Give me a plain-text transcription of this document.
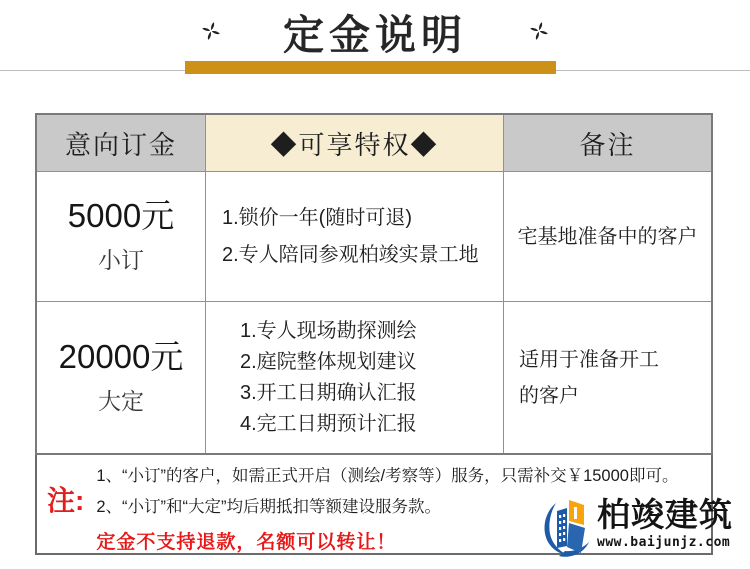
定金说明
意向订金	◆可享特权◆	备注
5000元
小订
1.锁价一年(随时可退)
2.专人陪同参观柏竣实景工地
宅基地准备中的客户
20000元
大定
1.专人现场勘探测绘
2.庭院整体规划建议
3.开工日期确认汇报
4.完工日期预计汇报
适用于准备开工
的客户
注:
1、“小订”的客户，如需正式开启（测绘/考察等）服务，只需补交￥15000即可。
2、“小订”和“大定”均后期抵扣等额建设服务款。
定金不支持退款，名额可以转让！
柏竣建筑
www.baijunjz.com
